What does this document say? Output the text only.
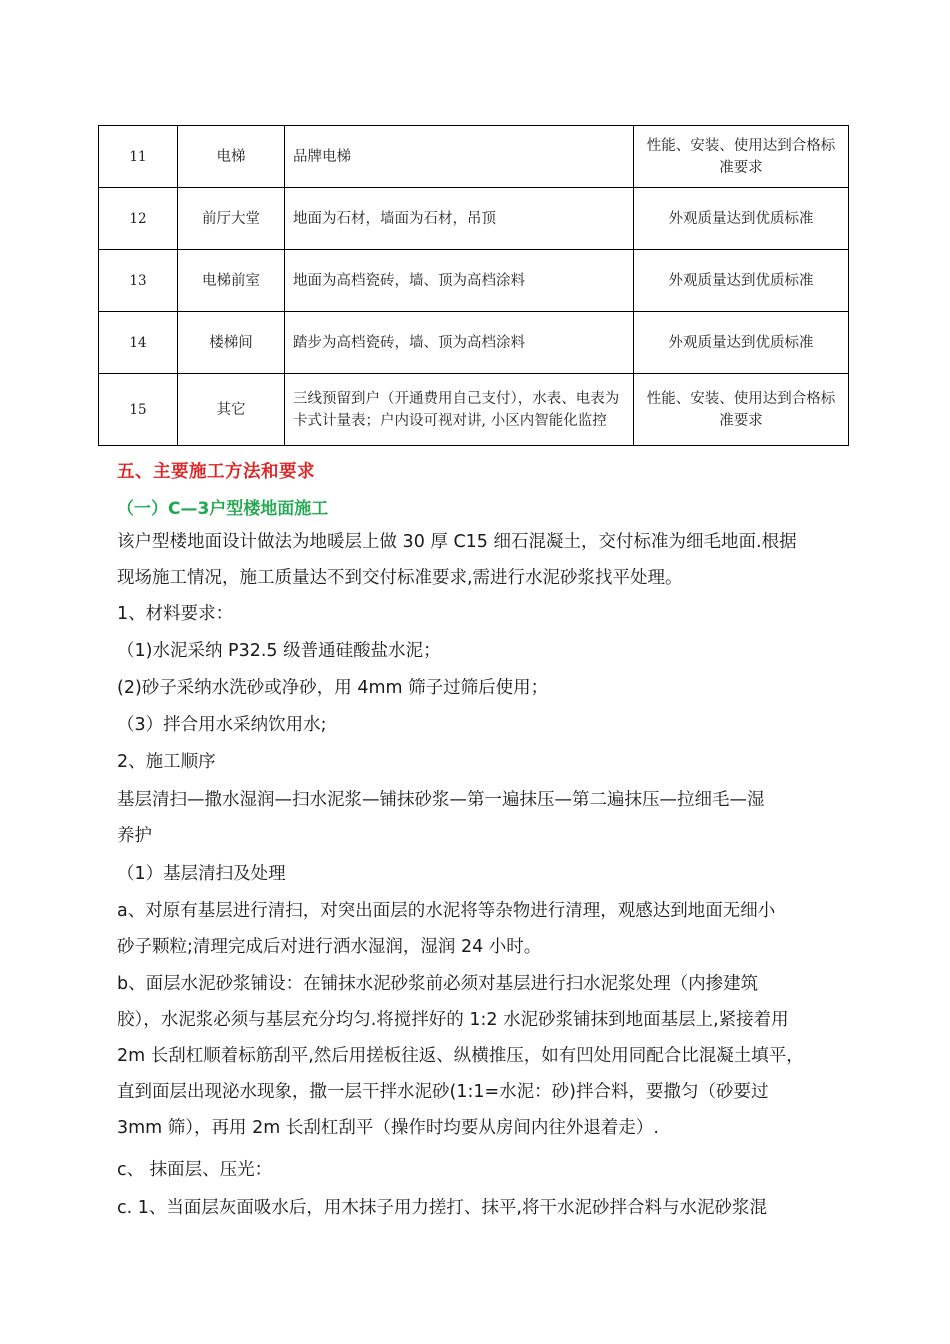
11	电梯	品牌电梯	性能、安装、使用达到合格标准要求
12	前厅大堂	地面为石材，墙面为石材，吊顶	外观质量达到优质标准
13	电梯前室	地面为高档瓷砖，墙、顶为高档涂料	外观质量达到优质标准
14	楼梯间	踏步为高档瓷砖，墙、顶为高档涂料	外观质量达到优质标准
15	其它	三线预留到户（开通费用自己支付），水表、电表为卡式计量表；户内设可视对讲, 小区内智能化监控	性能、安装、使用达到合格标准要求
五、主要施工方法和要求
（一）C—3户型楼地面施工
该户型楼地面设计做法为地暖层上做 30 厚 C15 细石混凝土，交付标准为细毛地面.根据
现场施工情况，施工质量达不到交付标准要求,需进行水泥砂浆找平处理。
1、材料要求：
（1)水泥采纳 P32.5 级普通硅酸盐水泥；
(2)砂子采纳水洗砂或净砂，用 4mm 筛子过筛后使用；
（3）拌合用水采纳饮用水;
2、施工顺序
基层清扫—撒水湿润—扫水泥浆—铺抹砂浆—第一遍抹压—第二遍抹压—拉细毛—湿
养护
（1）基层清扫及处理
a、对原有基层进行清扫，对突出面层的水泥将等杂物进行清理，观感达到地面无细小
砂子颗粒;清理完成后对进行洒水湿润，湿润 24 小时。
b、面层水泥砂浆铺设：在铺抹水泥砂浆前必须对基层进行扫水泥浆处理（内掺建筑
胶），水泥浆必须与基层充分均匀.将搅拌好的 1:2 水泥砂浆铺抹到地面基层上,紧接着用
2m 长刮杠顺着标筋刮平,然后用搓板往返、纵横推压，如有凹处用同配合比混凝土填平，
直到面层出现泌水现象，撒一层干拌水泥砂(1:1=水泥：砂)拌合料，要撒匀（砂要过
3mm 筛），再用 2m 长刮杠刮平（操作时均要从房间内往外退着走）.
c、 抹面层、压光：
c. 1、当面层灰面吸水后，用木抹子用力搓打、抹平,将干水泥砂拌合料与水泥砂浆混
